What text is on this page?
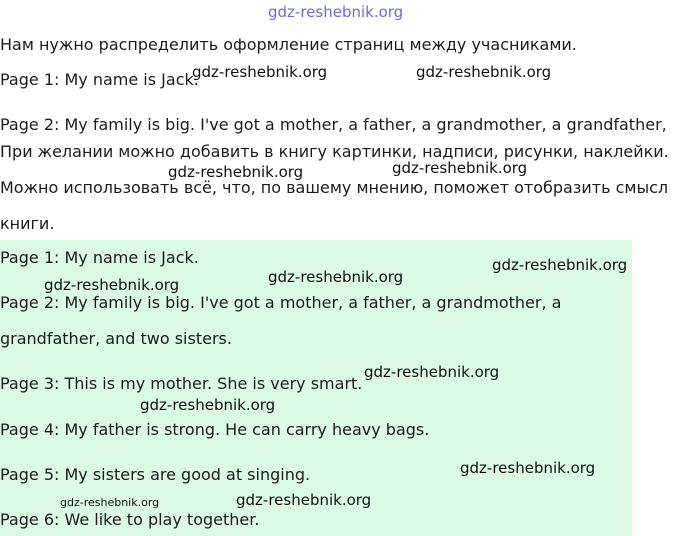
gdz-reshebnik.org
Нам нужно распределить оформление страниц между учасниками.
Page 1: My name is Jack.
Page 2: My family is big. I've got a mother, a father, a grandmother, a grandfather,
При желании можно добавить в книгу картинки, надписи, рисунки, наклейки.
Можно использовать всё, что, по вашему мнению, поможет отобразить смысл
книги.
Page 1: My name is Jack.
Page 2: My family is big. I've got a mother, a father, a grandmother, a
grandfather, and two sisters.
Page 3: This is my mother. She is very smart.
Page 4: My father is strong. He can carry heavy bags.
Page 5: My sisters are good at singing.
Page 6: We like to play together.
gdz-reshebnik.org	gdz-reshebnik.org
gdz-reshebnik.org	gdz-reshebnik.org
gdz-reshebnik.org
gdz-reshebnik.org
gdz-reshebnik.org
gdz-reshebnik.org
gdz-reshebnik.org
gdz-reshebnik.org
gdz-reshebnik.org	gdz-reshebnik.org
